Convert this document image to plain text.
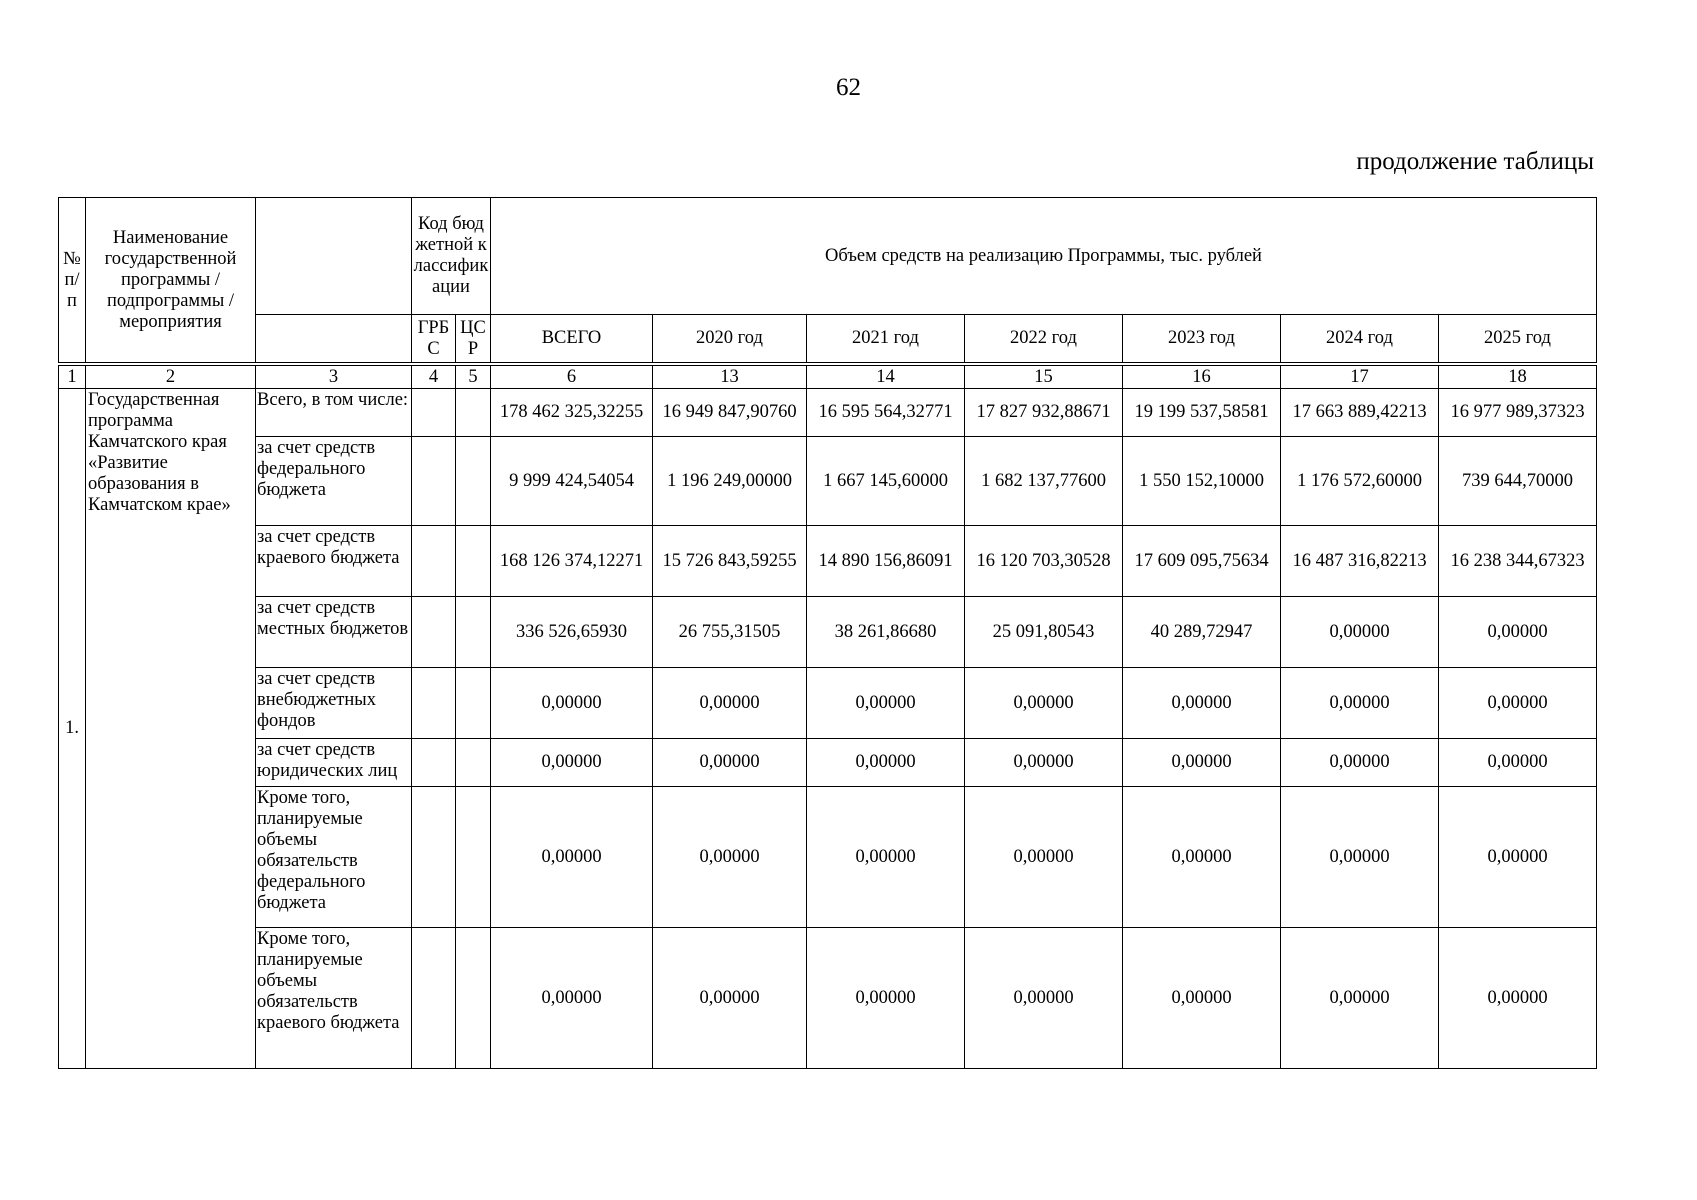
62
продолжение таблицы
№ п/п	Наименование государственной программы / подпрограммы / мероприятия		Код бюджетной классификации		Объем средств на реализацию Программы, тыс. рублей						
			ГРБС	ЦСР	ВСЕГО	2020 год	2021 год	2022 год	2023 год	2024 год	2025 год

1	2	3	4	5	6	13	14	15	16	17	18
1.	Государственная программа Камчатского края «Развитие образования в Камчатском крае»	Всего, в том числе:			178 462 325,32255	16 949 847,90760	16 595 564,32771	17 827 932,88671	19 199 537,58581	17 663 889,42213	16 977 989,37323
		за счет средств федерального бюджета			9 999 424,54054	1 196 249,00000	1 667 145,60000	1 682 137,77600	1 550 152,10000	1 176 572,60000	739 644,70000
		за счет средств краевого бюджета			168 126 374,12271	15 726 843,59255	14 890 156,86091	16 120 703,30528	17 609 095,75634	16 487 316,82213	16 238 344,67323
		за счет средств местных бюджетов			336 526,65930	26 755,31505	38 261,86680	25 091,80543	40 289,72947	0,00000	0,00000
		за счет средств внебюджетных фондов			0,00000	0,00000	0,00000	0,00000	0,00000	0,00000	0,00000
		за счет средств юридических лиц			0,00000	0,00000	0,00000	0,00000	0,00000	0,00000	0,00000
		Кроме того, планируемые объемы обязательств федерального бюджета			0,00000	0,00000	0,00000	0,00000	0,00000	0,00000	0,00000
		Кроме того, планируемые объемы обязательств краевого бюджета			0,00000	0,00000	0,00000	0,00000	0,00000	0,00000	0,00000
